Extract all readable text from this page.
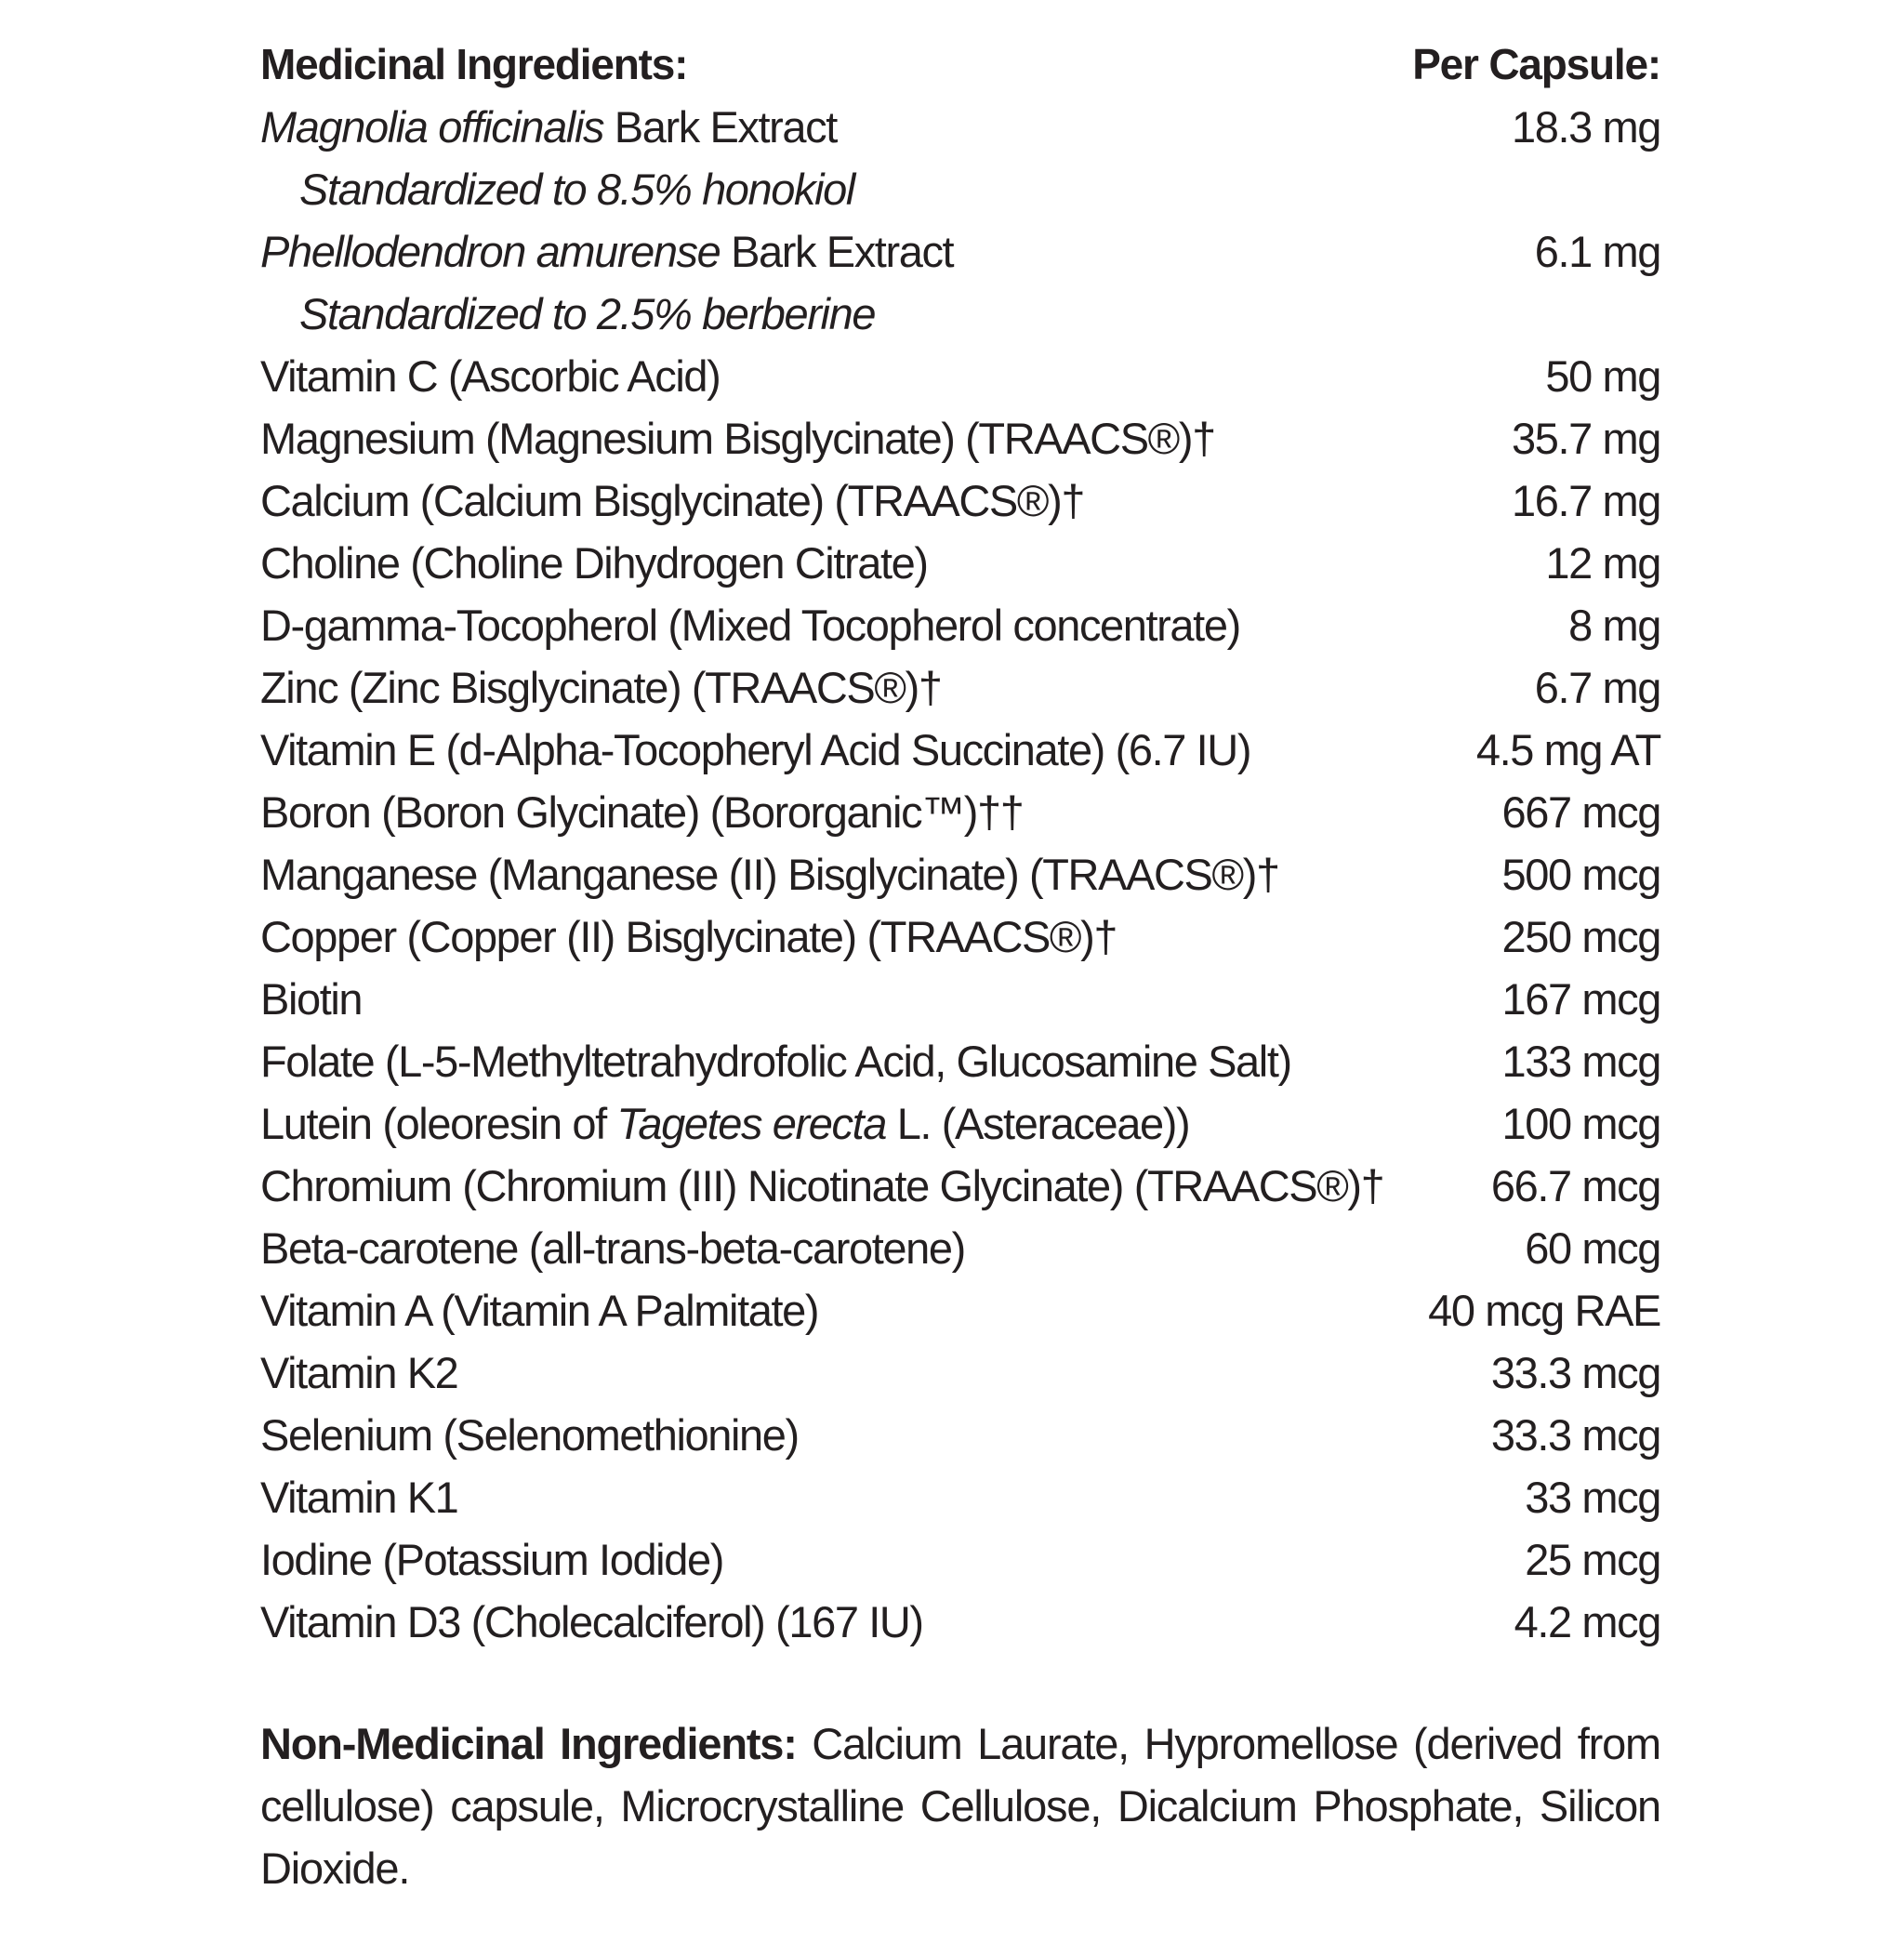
Medicinal Ingredients:	Per Capsule:
Magnolia officinalis Bark Extract	18.3 mg
Standardized to 8.5% honokiol
Phellodendron amurense Bark Extract	6.1 mg
Standardized to 2.5% berberine
Vitamin C (Ascorbic Acid)	50 mg
Magnesium (Magnesium Bisglycinate) (TRAACS®)†	35.7 mg
Calcium (Calcium Bisglycinate) (TRAACS®)†	16.7 mg
Choline (Choline Dihydrogen Citrate)	12 mg
D-gamma-Tocopherol (Mixed Tocopherol concentrate)	8 mg
Zinc (Zinc Bisglycinate) (TRAACS®)†	6.7 mg
Vitamin E (d-Alpha-Tocopheryl Acid Succinate) (6.7 IU)	4.5 mg AT
Boron (Boron Glycinate) (Bororganic™)††	667 mcg
Manganese (Manganese (II) Bisglycinate) (TRAACS®)†	500 mcg
Copper (Copper (II) Bisglycinate) (TRAACS®)†	250 mcg
Biotin	167 mcg
Folate (L-5-Methyltetrahydrofolic Acid, Glucosamine Salt)	133 mcg
Lutein (oleoresin of Tagetes erecta L. (Asteraceae))	100 mcg
Chromium (Chromium (III) Nicotinate Glycinate) (TRAACS®)† 66.7 mcg
Beta-carotene (all-trans-beta-carotene)	60 mcg
Vitamin A (Vitamin A Palmitate)	40 mcg RAE
Vitamin K2	33.3 mcg
Selenium (Selenomethionine)	33.3 mcg
Vitamin K1	33 mcg
Iodine (Potassium Iodide)	25 mcg
Vitamin D3 (Cholecalciferol) (167 IU)	4.2 mcg

Non-Medicinal Ingredients: Calcium Laurate, Hypromellose (derived from cellulose) capsule, Microcrystalline Cellulose, Dicalcium Phosphate, Silicon Dioxide.
